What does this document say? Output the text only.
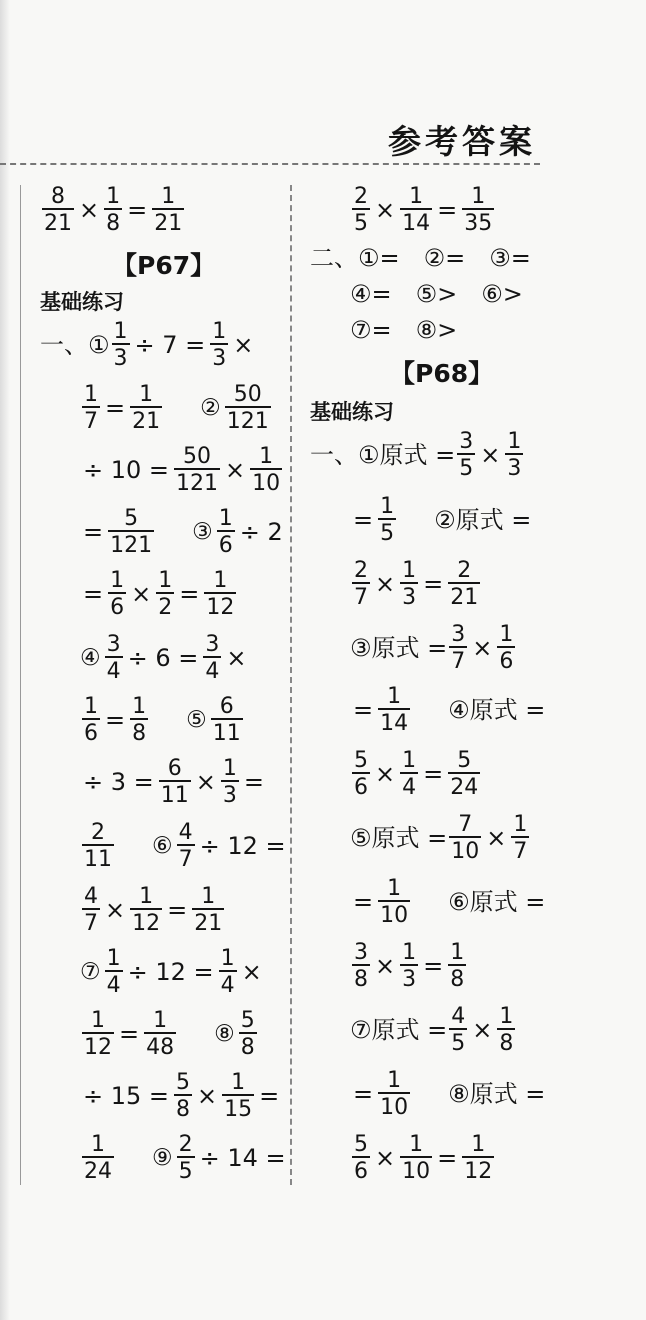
参考答案
$\frac{8}{21} \times \frac{1}{8} = \frac{1}{21}$
【P67】
基础练习
一、① $\frac{1}{3} \div 7 = \frac{1}{3}$ ×
$\frac{1}{7} = \frac{1}{21}$ ② $\frac{50}{121}$
÷ $10 = \frac{50}{121} \times \frac{1}{10}$
= $\frac{5}{121}$ ③ $\frac{1}{6} \div 2$
= $\frac{1}{6} \times \frac{1}{2} = \frac{1}{12}$
④ $\frac{3}{4} \div 6 = \frac{3}{4}$ ×
$\frac{1}{6} = \frac{1}{8}$ ⑤ $\frac{6}{11}$
÷ $3 = \frac{6}{11} \times \frac{1}{3}$ =
$\frac{2}{11}$ ⑥ $\frac{4}{7} \div 12$ =
$\frac{4}{7} \times \frac{1}{12} = \frac{1}{21}$
⑦ $\frac{1}{4} \div 12 = \frac{1}{4}$ ×
$\frac{1}{12} = \frac{1}{48}$ ⑧ $\frac{5}{8}$
÷ $15 = \frac{5}{8} \times \frac{1}{15}$ =
$\frac{1}{24}$ ⑨ $\frac{2}{5} \div 14$ =
$\frac{2}{5} \times \frac{1}{14} = \frac{1}{35}$
二、①=　②=　③=
④=　⑤>　⑥>
⑦=　⑧>
【P68】
基础练习
一、①原式 = $\frac{3}{5} \times \frac{1}{3}$
= $\frac{1}{5}$ ②原式 =
$\frac{2}{7} \times \frac{1}{3} = \frac{2}{21}$
③原式 = $\frac{3}{7} \times \frac{1}{6}$
= $\frac{1}{14}$ ④原式 =
$\frac{5}{6} \times \frac{1}{4} = \frac{5}{24}$
⑤原式 = $\frac{7}{10} \times \frac{1}{7}$
= $\frac{1}{10}$ ⑥原式 =
$\frac{3}{8} \times \frac{1}{3} = \frac{1}{8}$
⑦原式 = $\frac{4}{5} \times \frac{1}{8}$
= $\frac{1}{10}$ ⑧原式 =
$\frac{5}{6} \times \frac{1}{10} = \frac{1}{12}$
